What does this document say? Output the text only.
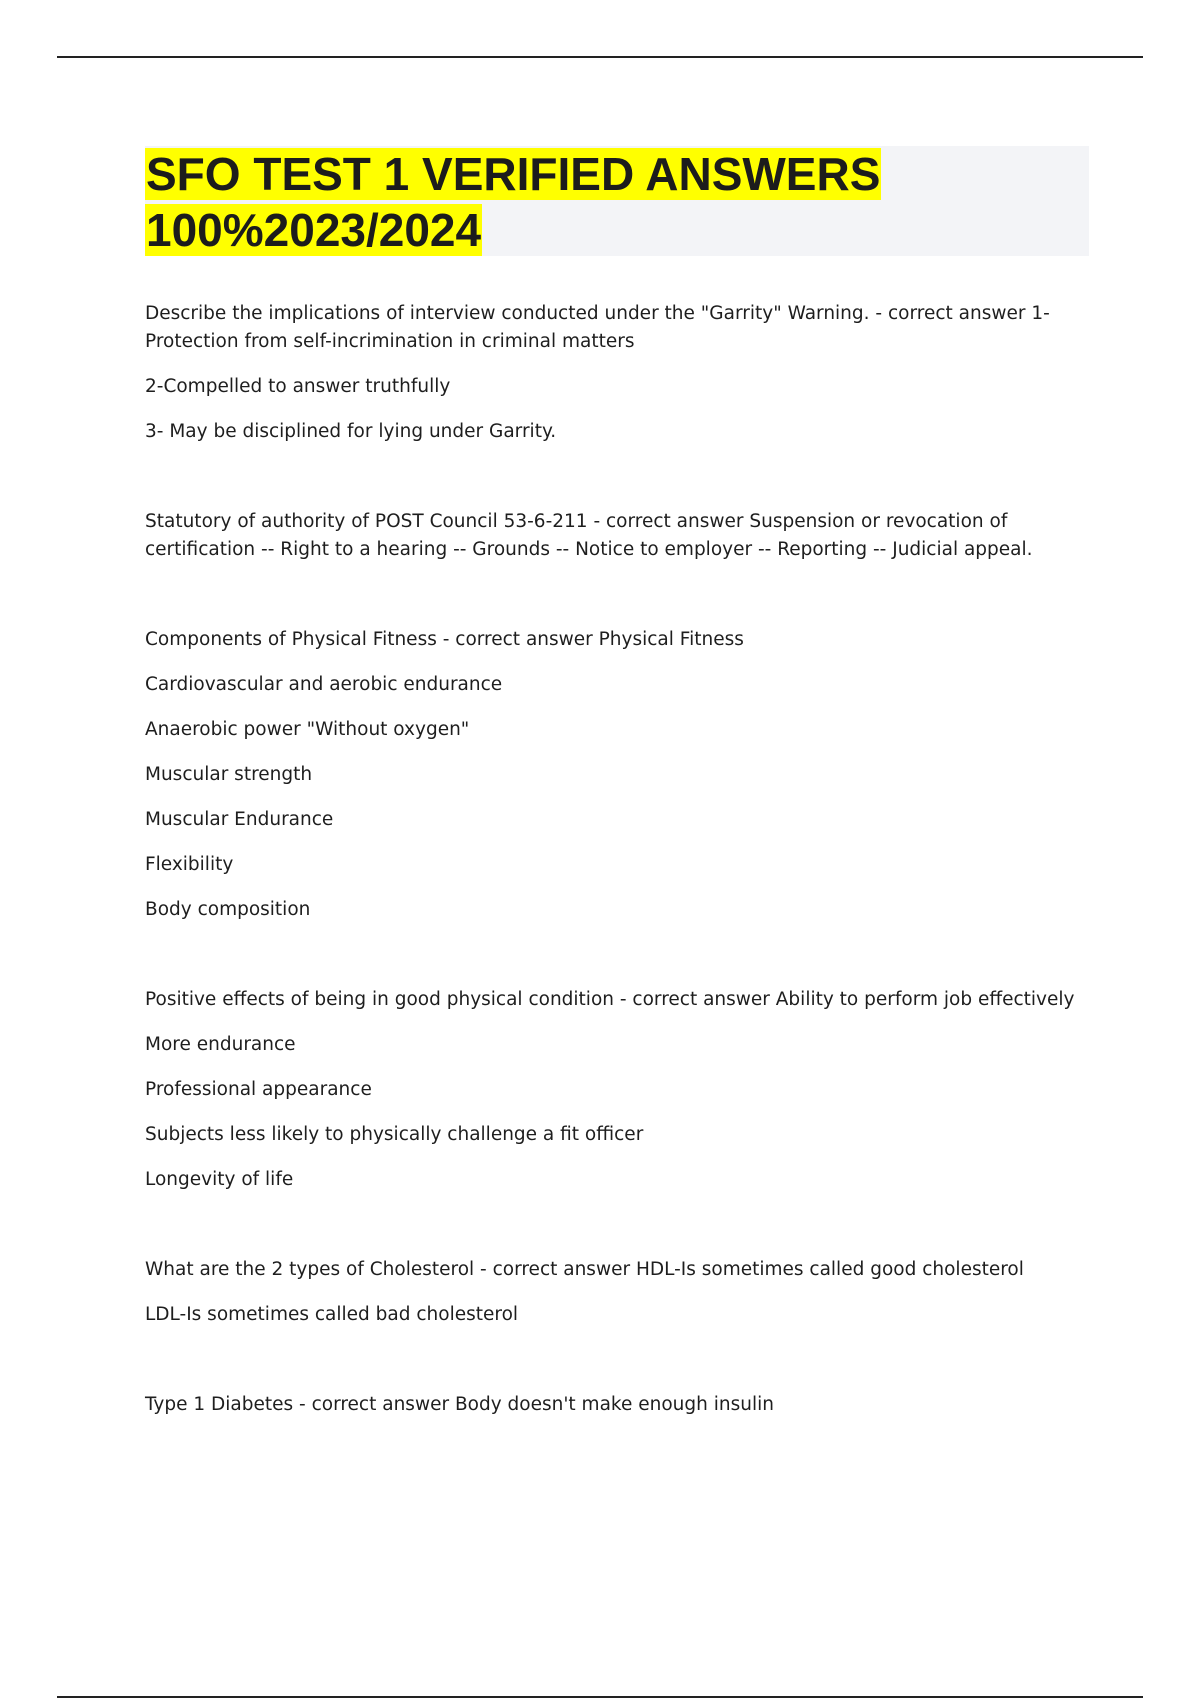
SFO TEST 1 VERIFIED ANSWERS
100%2023/2024

Describe the implications of interview conducted under the "Garrity" Warning. - correct answer 1-Protection from self-incrimination in criminal matters

2-Compelled to answer truthfully

3- May be disciplined for lying under Garrity.

Statutory of authority of POST Council 53-6-211 - correct answer Suspension or revocation of certification -- Right to a hearing -- Grounds -- Notice to employer -- Reporting -- Judicial appeal.

Components of Physical Fitness - correct answer Physical Fitness

Cardiovascular and aerobic endurance

Anaerobic power "Without oxygen"

Muscular strength

Muscular Endurance

Flexibility

Body composition

Positive effects of being in good physical condition - correct answer Ability to perform job effectively

More endurance

Professional appearance

Subjects less likely to physically challenge a fit officer

Longevity of life

What are the 2 types of Cholesterol - correct answer HDL-Is sometimes called good cholesterol

LDL-Is sometimes called bad cholesterol

Type 1 Diabetes - correct answer Body doesn't make enough insulin
